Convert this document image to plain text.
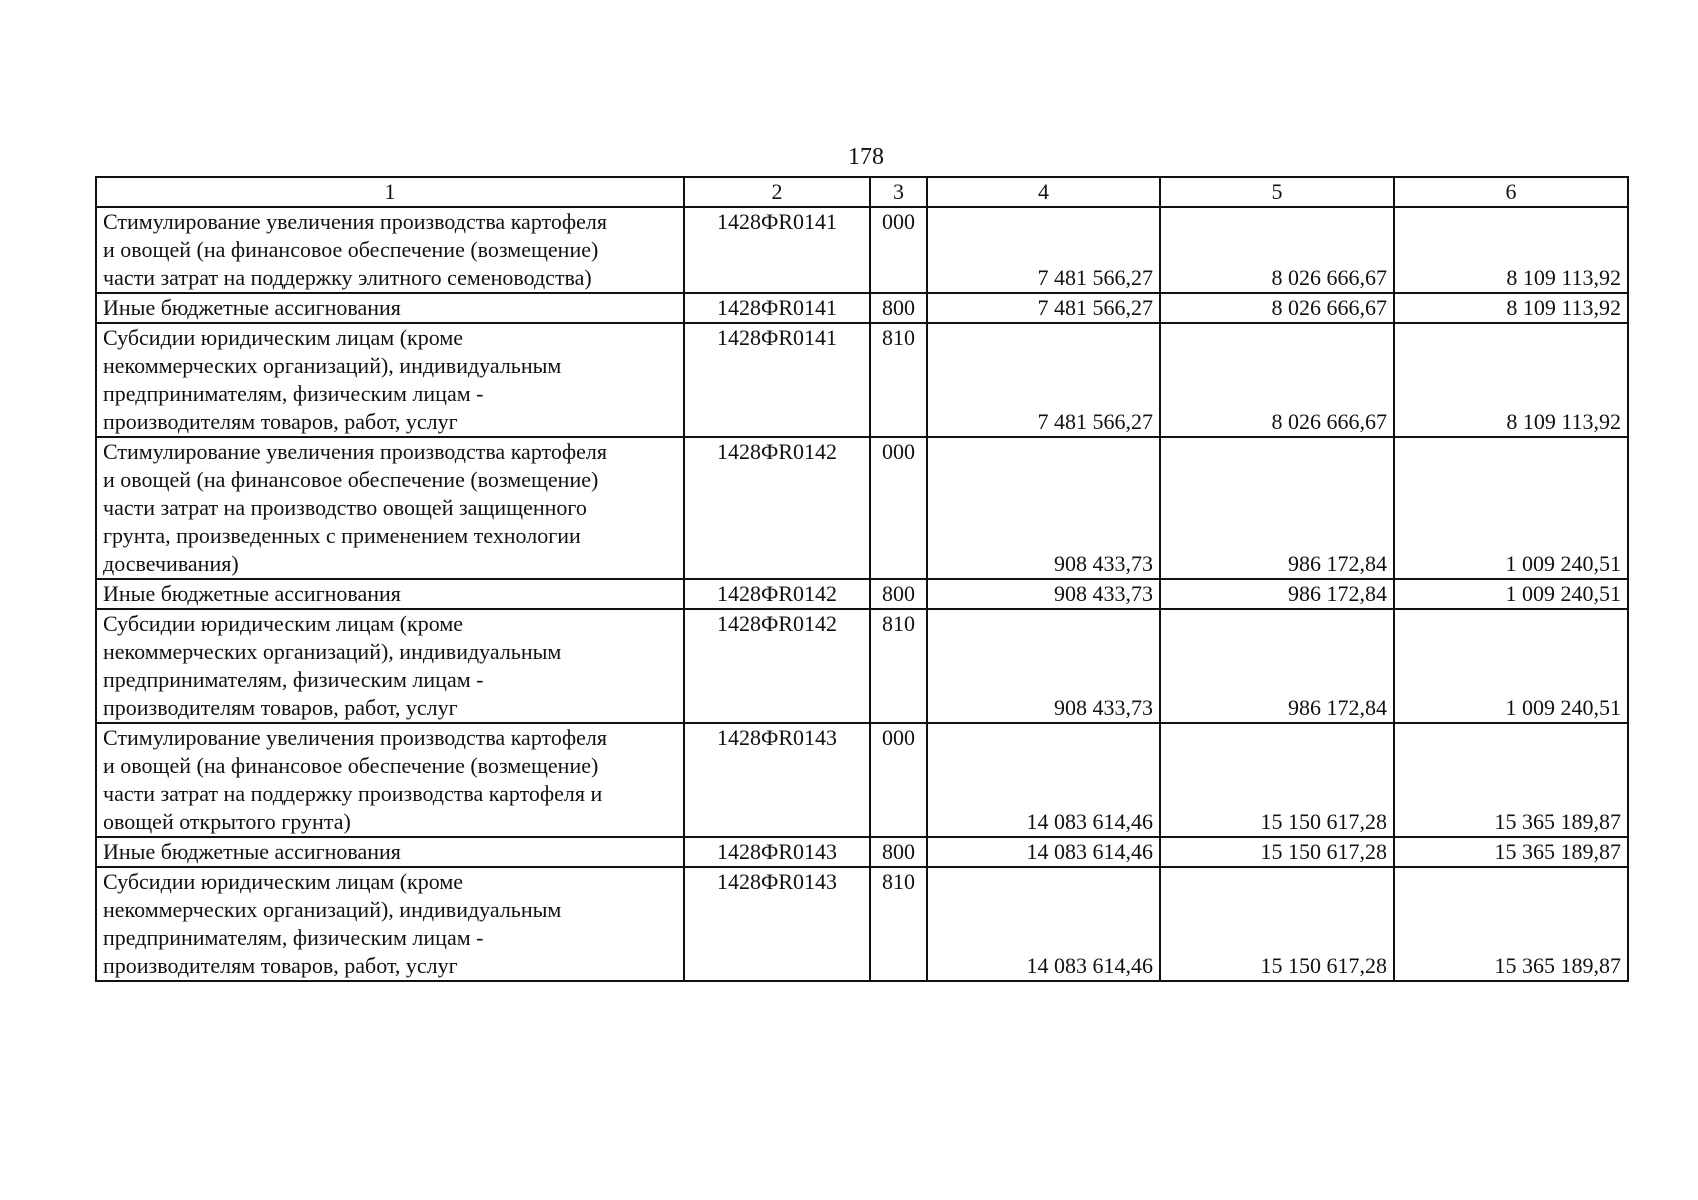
178
1	2	3	4	5	6

Стимулирование увеличения производства картофеля
и овощей (на финансовое обеспечение (возмещение)
части затрат на поддержку элитного семеноводства)	1428ФR0141	000	7 481 566,27	8 026 666,67	8 109 113,92

Иные бюджетные ассигнования	1428ФR0141	800	7 481 566,27	8 026 666,67	8 109 113,92

Субсидии юридическим лицам (кроме
некоммерческих организаций), индивидуальным
предпринимателям, физическим лицам -
производителям товаров, работ, услуг	1428ФR0141	810	7 481 566,27	8 026 666,67	8 109 113,92

Стимулирование увеличения производства картофеля
и овощей (на финансовое обеспечение (возмещение)
части затрат на производство овощей защищенного
грунта, произведенных с применением технологии
досвечивания)	1428ФR0142	000	908 433,73	986 172,84	1 009 240,51

Иные бюджетные ассигнования	1428ФR0142	800	908 433,73	986 172,84	1 009 240,51

Субсидии юридическим лицам (кроме
некоммерческих организаций), индивидуальным
предпринимателям, физическим лицам -
производителям товаров, работ, услуг	1428ФR0142	810	908 433,73	986 172,84	1 009 240,51

Стимулирование увеличения производства картофеля
и овощей (на финансовое обеспечение (возмещение)
части затрат на поддержку производства картофеля и
овощей открытого грунта)	1428ФR0143	000	14 083 614,46	15 150 617,28	15 365 189,87

Иные бюджетные ассигнования	1428ФR0143	800	14 083 614,46	15 150 617,28	15 365 189,87

Субсидии юридическим лицам (кроме
некоммерческих организаций), индивидуальным
предпринимателям, физическим лицам -
производителям товаров, работ, услуг	1428ФR0143	810	14 083 614,46	15 150 617,28	15 365 189,87
